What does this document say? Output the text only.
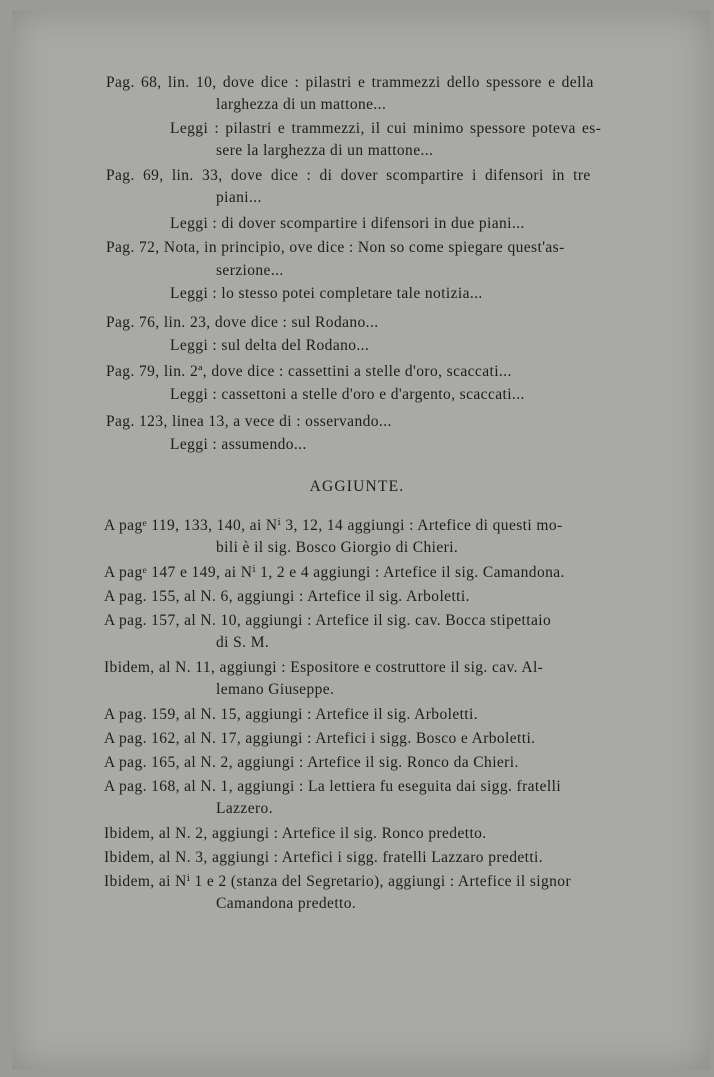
Pag. 68, lin. 10, dove dice : pilastri e trammezzi dello spessore e della
larghezza di un mattone...
Leggi : pilastri e trammezzi, il cui minimo spessore poteva es-
sere la larghezza di un mattone...
Pag. 69, lin. 33, dove dice : di dover scompartire i difensori in tre
piani...
Leggi : di dover scompartire i difensori in due piani...
Pag. 72, Nota, in principio, ove dice : Non so come spiegare quest'as-
serzione...
Leggi : lo stesso potei completare tale notizia...
Pag. 76, lin. 23, dove dice : sul Rodano...
Leggi : sul delta del Rodano...
Pag. 79, lin. 2ª, dove dice : cassettini a stelle d'oro, scaccati...
Leggi : cassettoni a stelle d'oro e d'argento, scaccati...
Pag. 123, linea 13, a vece di : osservando...
Leggi : assumendo...
AGGIUNTE.
A pagᵉ 119, 133, 140, ai Nⁱ 3, 12, 14 aggiungi : Artefice di questi mo-
bili è il sig. Bosco Giorgio di Chieri.
A pagᵉ 147 e 149, ai Nⁱ 1, 2 e 4 aggiungi : Artefice il sig. Camandona.
A pag. 155, al N. 6, aggiungi : Artefice il sig. Arboletti.
A pag. 157, al N. 10, aggiungi : Artefice il sig. cav. Bocca stipettaio
di S. M.
Ibidem, al N. 11, aggiungi : Espositore e costruttore il sig. cav. Al-
lemano Giuseppe.
A pag. 159, al N. 15, aggiungi : Artefice il sig. Arboletti.
A pag. 162, al N. 17, aggiungi : Artefici i sigg. Bosco e Arboletti.
A pag. 165, al N. 2, aggiungi : Artefice il sig. Ronco da Chieri.
A pag. 168, al N. 1, aggiungi : La lettiera fu eseguita dai sigg. fratelli
Lazzero.
Ibidem, al N. 2, aggiungi : Artefice il sig. Ronco predetto.
Ibidem, al N. 3, aggiungi : Artefici i sigg. fratelli Lazzaro predetti.
Ibidem, ai Nⁱ 1 e 2 (stanza del Segretario), aggiungi : Artefice il signor
Camandona predetto.
